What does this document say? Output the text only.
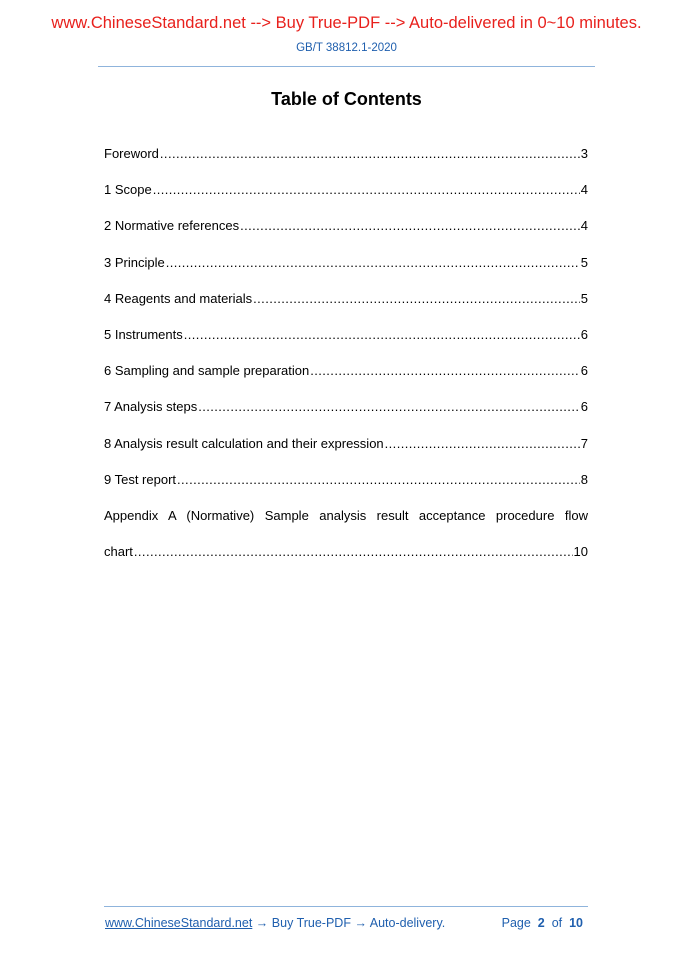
www.ChineseStandard.net --> Buy True-PDF --> Auto-delivered in 0~10 minutes.
GB/T 38812.1-2020
Table of Contents
Foreword .....	3
1 Scope .....	4
2 Normative references .....	4
3 Principle .....	5
4 Reagents and materials .....	5
5 Instruments .....	6
6 Sampling and sample preparation .....	6
7 Analysis steps .....	6
8 Analysis result calculation and their expression .....	7
9 Test report .....	8
Appendix A (Normative) Sample analysis result acceptance procedure flow
chart .....	10
www.ChineseStandard.net → Buy True-PDF → Auto-delivery.	Page 2 of 10
